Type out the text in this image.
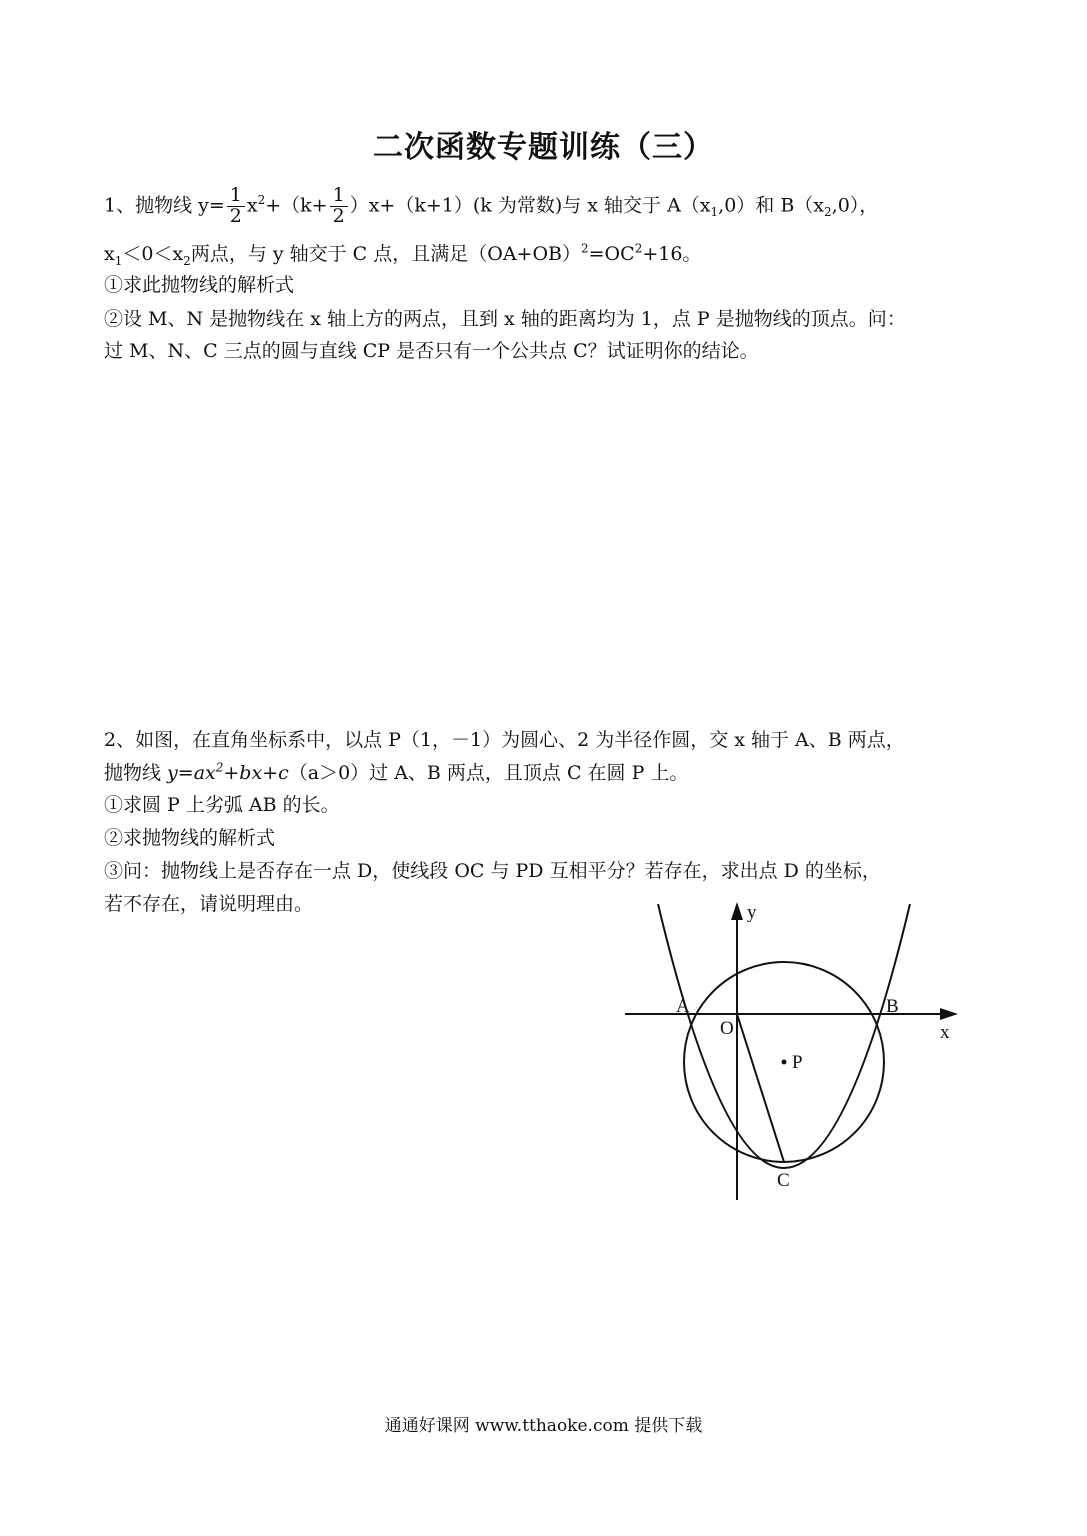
二次函数专题训练（三）
1、抛物线 $y= \frac{1}{2} x^2+(k+ \frac{1}{2} )x+(k+1)(k$ 为常数)与 x 轴交于 $A(x_1,0)$和 $B(x_2,0)$，
$x_1<0<x_2$两点，与 y 轴交于 C 点，且满足$(OA+OB)^2=OC^2+16$。
①求此抛物线的解析式
②设 M、N 是抛物线在 x 轴上方的两点，且到 x 轴的距离均为 1，点 P 是抛物线的顶点。问：
过 M、N、C 三点的圆与直线 CP 是否只有一个公共点 C？试证明你的结论。
2、如图，在直角坐标系中，以点 P（1，－1）为圆心、2 为半径作圆，交 x 轴于 A、B 两点，
抛物线 $y=ax^2+bx+c(a>0)$过 A、B 两点，且顶点 C 在圆 P 上。
①求圆 P 上劣弧 AB 的长。
②求抛物线的解析式
③问：抛物线上是否存在一点 D，使线段 OC 与 PD 互相平分？若存在，求出点 D 的坐标，
若不存在，请说明理由。	y
x
A	B
O
P
C
通通好课网 www.tthaoke.com 提供下载
